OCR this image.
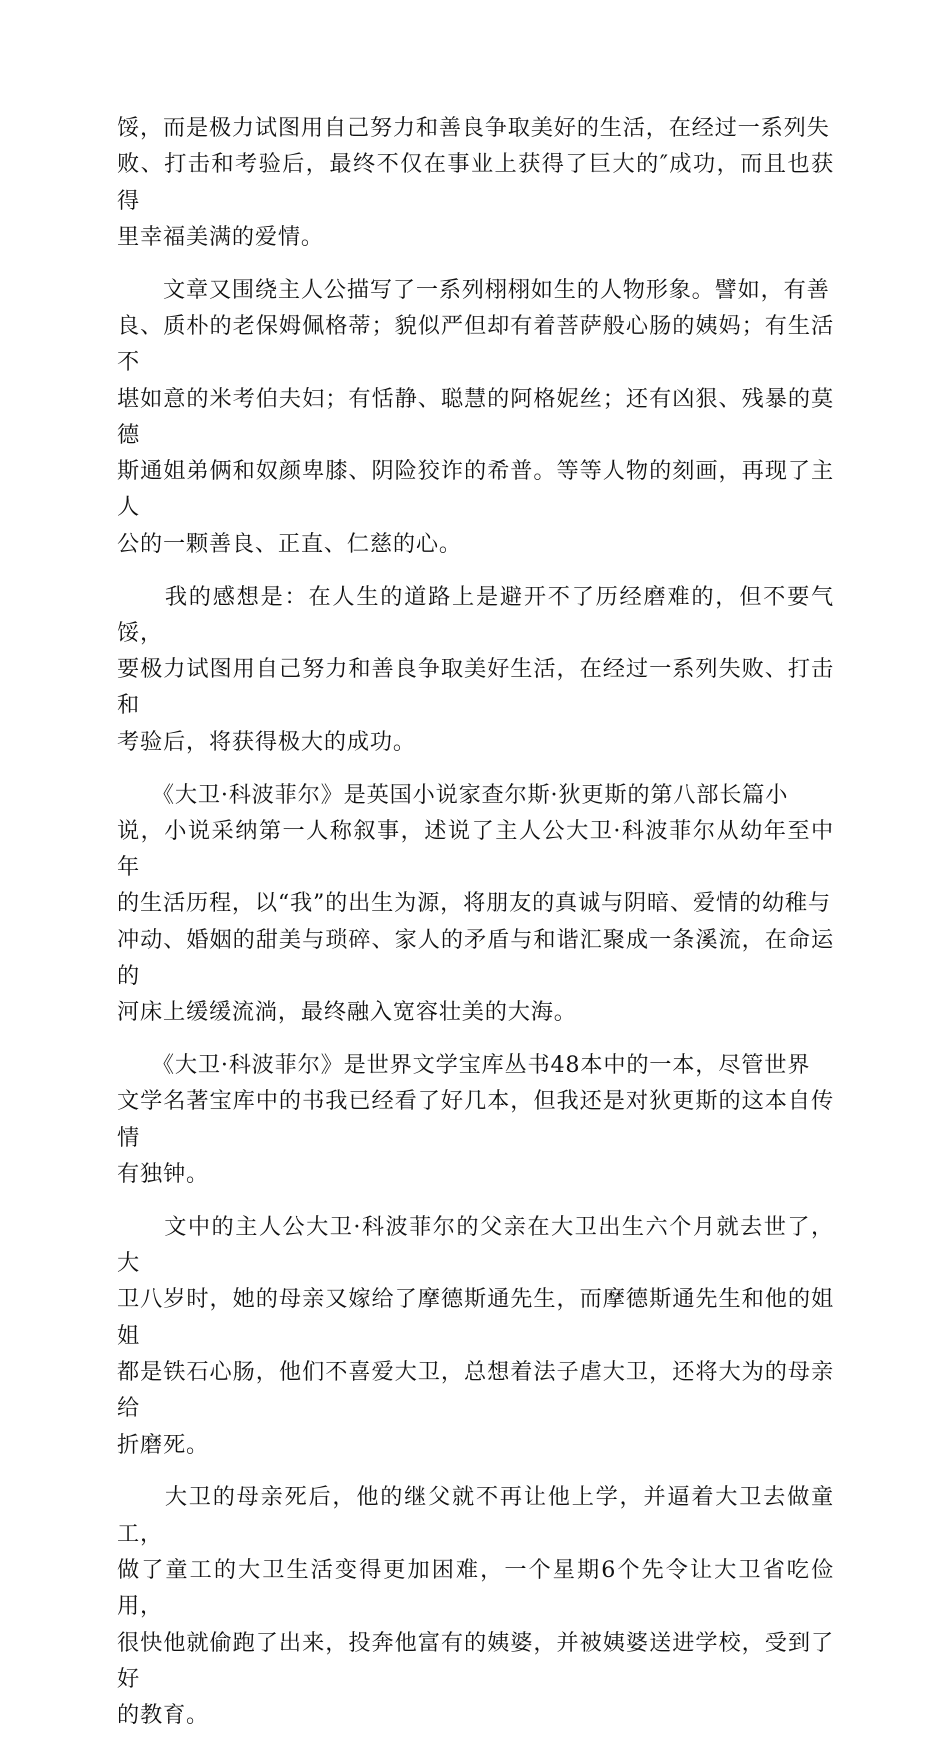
馁，而是极力试图用自己努力和善良争取美好的生活，在经过一系列失
败、打击和考验后，最终不仅在事业上获得了巨大的″成功，而且也获得
里幸福美满的爱情。

　　文章又围绕主人公描写了一系列栩栩如生的人物形象。譬如，有善
良、质朴的老保姆佩格蒂；貌似严但却有着菩萨般心肠的姨妈；有生活不
堪如意的米考伯夫妇；有恬静、聪慧的阿格妮丝；还有凶狠、残暴的莫德
斯通姐弟俩和奴颜卑膝、阴险狡诈的希普。等等人物的刻画，再现了主人
公的一颗善良、正直、仁慈的心。

　　我的感想是：在人生的道路上是避开不了历经磨难的，但不要气馁，
要极力试图用自己努力和善良争取美好生活，在经过一系列失败、打击和
考验后，将获得极大的成功。

　　《大卫·科波菲尔》是英国小说家查尔斯·狄更斯的第八部长篇小
说，小说采纳第一人称叙事，述说了主人公大卫·科波菲尔从幼年至中年
的生活历程，以“我”的出生为源，将朋友的真诚与阴暗、爱情的幼稚与
冲动、婚姻的甜美与琐碎、家人的矛盾与和谐汇聚成一条溪流，在命运的
河床上缓缓流淌，最终融入宽容壮美的大海。

　　《大卫·科波菲尔》是世界文学宝库丛书48本中的一本，尽管世界
文学名著宝库中的书我已经看了好几本，但我还是对狄更斯的这本自传情
有独钟。

　　文中的主人公大卫·科波菲尔的父亲在大卫出生六个月就去世了，大
卫八岁时，她的母亲又嫁给了摩德斯通先生，而摩德斯通先生和他的姐姐
都是铁石心肠，他们不喜爱大卫，总想着法子虐大卫，还将大为的母亲给
折磨死。

　　大卫的母亲死后，他的继父就不再让他上学，并逼着大卫去做童工，
做了童工的大卫生活变得更加困难，一个星期6个先令让大卫省吃俭用，
很快他就偷跑了出来，投奔他富有的姨婆，并被姨婆送进学校，受到了好
的教育。
